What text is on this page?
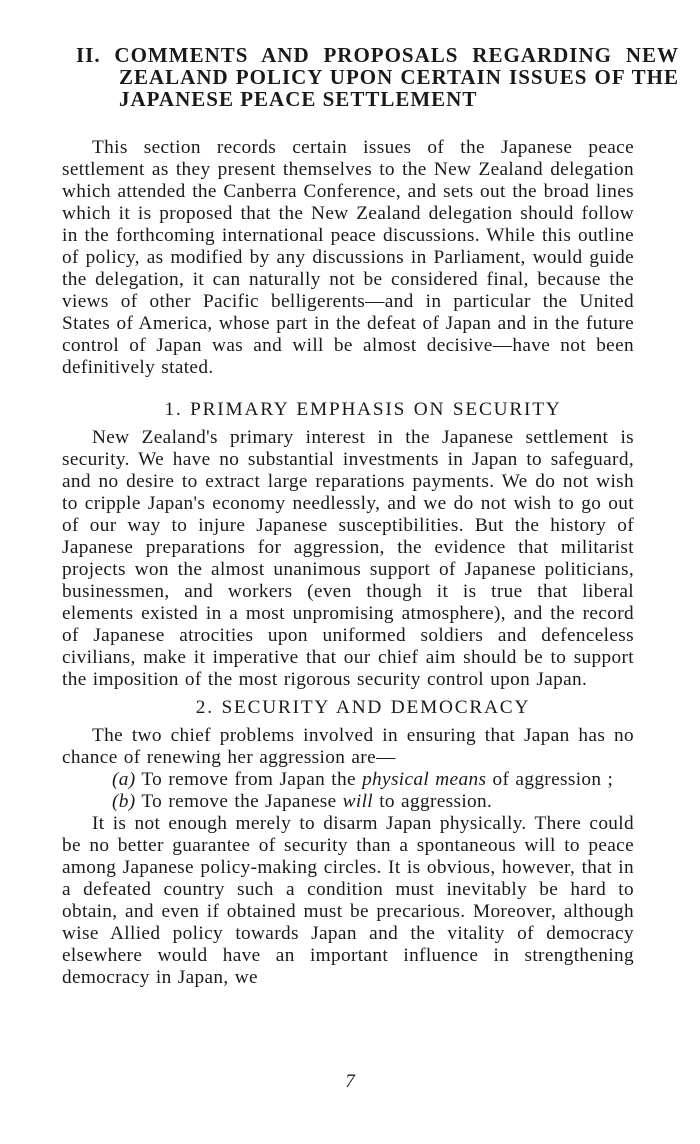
II. COMMENTS AND PROPOSALS REGARDING NEW ZEALAND POLICY UPON CERTAIN ISSUES OF THE JAPANESE PEACE SETTLEMENT

This section records certain issues of the Japanese peace settlement as they present themselves to the New Zealand delegation which attended the Canberra Conference, and sets out the broad lines which it is proposed that the New Zealand delegation should follow in the forthcoming international peace discussions. While this outline of policy, as modified by any discussions in Parliament, would guide the delegation, it can naturally not be considered final, because the views of other Pacific belligerents—and in particular the United States of America, whose part in the defeat of Japan and in the future control of Japan was and will be almost decisive—have not been definitively stated.

1. PRIMARY EMPHASIS ON SECURITY

New Zealand's primary interest in the Japanese settlement is security. We have no substantial investments in Japan to safeguard, and no desire to extract large reparations payments. We do not wish to cripple Japan's economy needlessly, and we do not wish to go out of our way to injure Japanese susceptibilities. But the history of Japanese preparations for aggression, the evidence that militarist projects won the almost unanimous support of Japanese politicians, businessmen, and workers (even though it is true that liberal elements existed in a most unpromising atmosphere), and the record of Japanese atrocities upon uniformed soldiers and defenceless civilians, make it imperative that our chief aim should be to support the imposition of the most rigorous security control upon Japan.

2. SECURITY AND DEMOCRACY

The two chief problems involved in ensuring that Japan has no chance of renewing her aggression are—

(a) To remove from Japan the physical means of aggression ;

(b) To remove the Japanese will to aggression.

It is not enough merely to disarm Japan physically. There could be no better guarantee of security than a spontaneous will to peace among Japanese policy-making circles. It is obvious, however, that in a defeated country such a condition must inevitably be hard to obtain, and even if obtained must be precarious. Moreover, although wise Allied policy towards Japan and the vitality of democracy elsewhere would have an important influence in strengthening democracy in Japan, we

7
